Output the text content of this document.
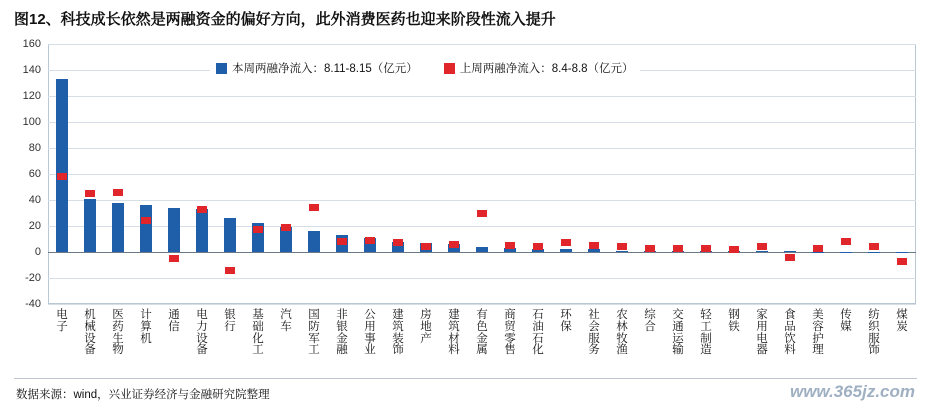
图12、科技成长依然是两融资金的偏好方向，此外消费医药也迎来阶段性流入提升
-40
-20
0
20
40
60
80
100
120
140
160
本周两融净流入：8.11-8.15（亿元）	上周两融净流入：8.4-8.8（亿元）
电子
机械设备
医药生物
计算机
通信
电力设备
银行
基础化工
汽车
国防军工
非银金融
公用事业
建筑装饰
房地产
建筑材料
有色金属
商贸零售
石油石化
环保
社会服务
农林牧渔
综合
交通运输
轻工制造
钢铁
家用电器
食品饮料
美容护理
传媒
纺织服饰
煤炭
数据来源：wind，兴业证券经济与金融研究院整理	www.365jz.com
